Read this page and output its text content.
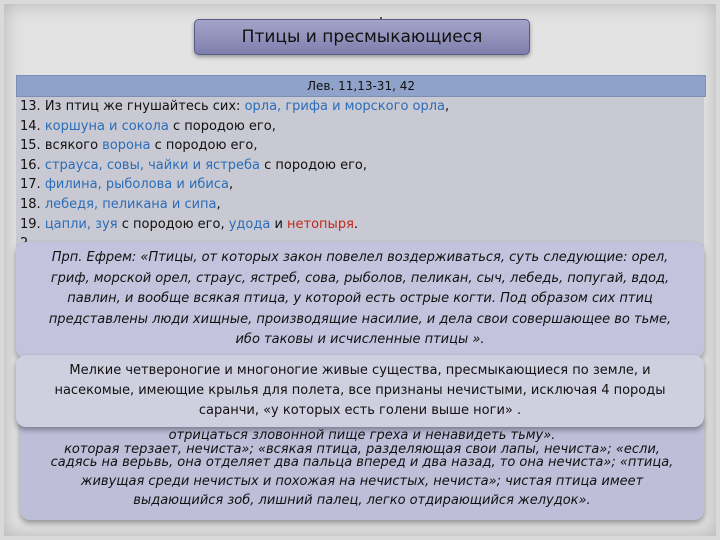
Птицы и пресмыкающиеся
Лев. 11,13-31, 42
13. Из птиц же гнушайтесь сих: орла, грифа и морского орла,
14. коршуна и сокола с породою его,
15. всякого ворона с породою его,
16. страуса, совы, чайки и ястреба с породою его,
17. филина, рыболова и ибиса,
18. лебедя, пеликана и сипа,
19. цапли, зуя с породою его, удода и нетопыря.
Прп. Ефрем: «Птицы, от которых закон повелел воздерживаться, суть следующие: орел, гриф, морской орел, страус, ястреб, сова, рыболов, пеликан, сыч, лебедь, попугай, вдод, павлин, и вообще всякая птица, у которой есть острые когти. Под образом сих птиц представлены люди хищные, производящие насилие, и дела свои совершающее во тьме, ибо таковы и исчисленные птицы ».
отрицаться зловонной пище греха и ненавидеть тьму».
которая терзает, нечиста»; «всякая птица, разделяющая свои лапы, нечиста»; «если,
садясь на верьвь, она отделяет два пальца вперед и два назад, то она нечиста»; «птица, живущая среди нечистых и похожая на нечистых, нечиста»; чистая птица имеет выдающийся зоб, лишний палец, легко отдирающийся желудок».
Мелкие четвероногие и многоногие живые существа, пресмыкающиеся по земле, и насекомые, имеющие крылья для полета, все признаны нечистыми, исключая 4 породы саранчи, «у которых есть голени выше ноги» .
